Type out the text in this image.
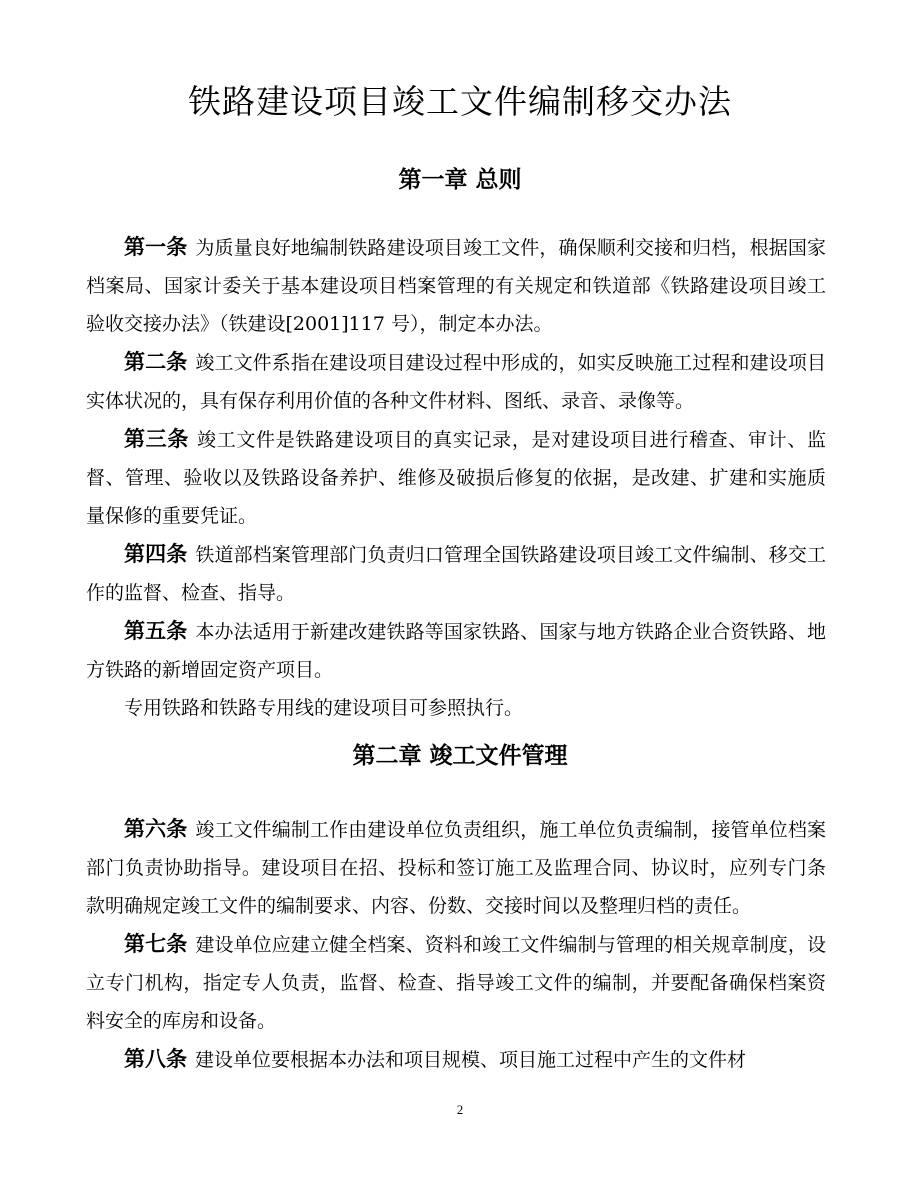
铁路建设项目竣工文件编制移交办法
第一章 总则

第一条 为质量良好地编制铁路建设项目竣工文件，确保顺利交接和归档，根据国家档案局、国家计委关于基本建设项目档案管理的有关规定和铁道部《铁路建设项目竣工验收交接办法》（铁建设[2001]117 号），制定本办法。

第二条 竣工文件系指在建设项目建设过程中形成的，如实反映施工过程和建设项目实体状况的，具有保存利用价值的各种文件材料、图纸、录音、录像等。

第三条 竣工文件是铁路建设项目的真实记录，是对建设项目进行稽查、审计、监督、管理、验收以及铁路设备养护、维修及破损后修复的依据，是改建、扩建和实施质量保修的重要凭证。

第四条 铁道部档案管理部门负责归口管理全国铁路建设项目竣工文件编制、移交工作的监督、检查、指导。

第五条 本办法适用于新建改建铁路等国家铁路、国家与地方铁路企业合资铁路、地方铁路的新增固定资产项目。

专用铁路和铁路专用线的建设项目可参照执行。

第二章 竣工文件管理

第六条 竣工文件编制工作由建设单位负责组织，施工单位负责编制，接管单位档案部门负责协助指导。建设项目在招、投标和签订施工及监理合同、协议时，应列专门条款明确规定竣工文件的编制要求、内容、份数、交接时间以及整理归档的责任。

第七条 建设单位应建立健全档案、资料和竣工文件编制与管理的相关规章制度，设立专门机构，指定专人负责，监督、检查、指导竣工文件的编制，并要配备确保档案资料安全的库房和设备。

第八条 建设单位要根据本办法和项目规模、项目施工过程中产生的文件材

2
